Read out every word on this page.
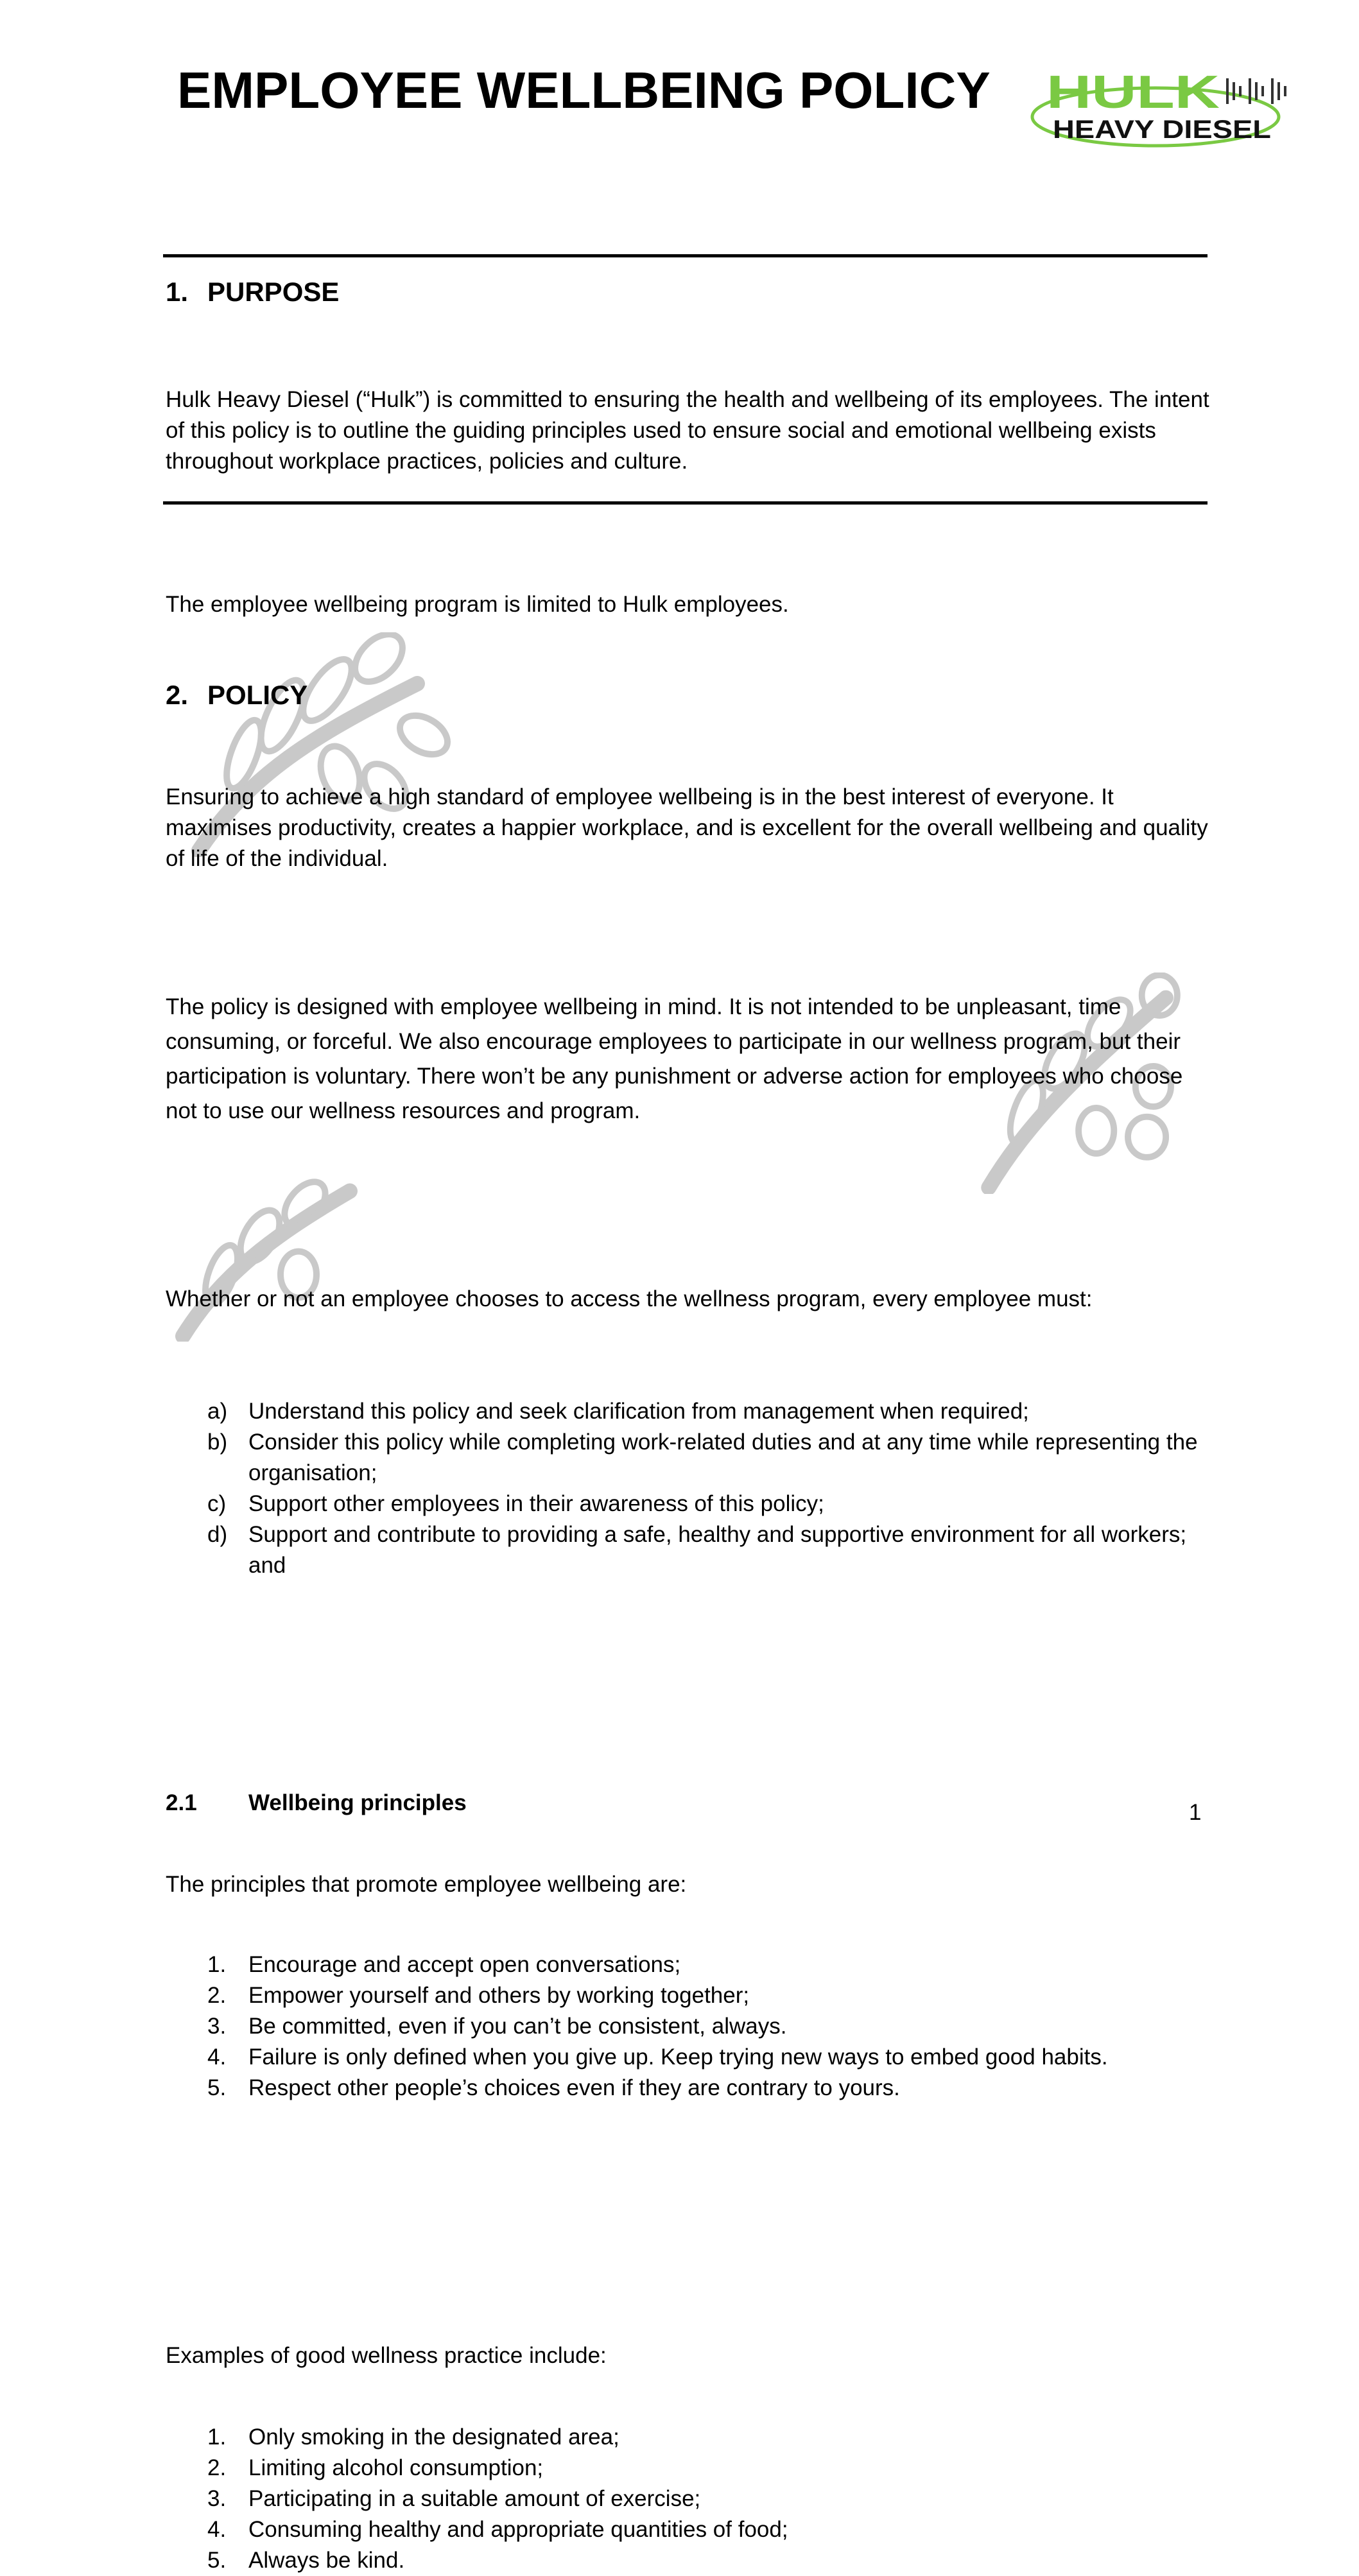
EMPLOYEE WELLBEING POLICY	HULK
HEAVY DIESEL
1. PURPOSE
Hulk Heavy Diesel (“Hulk”) is committed to ensuring the health and wellbeing of its employees. The intent of this policy is to outline the guiding principles used to ensure social and emotional wellbeing exists throughout workplace practices, policies and culture.
The employee wellbeing program is limited to Hulk employees.
2. POLICY
Ensuring to achieve a high standard of employee wellbeing is in the best interest of everyone. It maximises productivity, creates a happier workplace, and is excellent for the overall wellbeing and quality of life of the individual.
The policy is designed with employee wellbeing in mind. It is not intended to be unpleasant, time consuming, or forceful. We also encourage employees to participate in our wellness program, but their participation is voluntary. There won’t be any punishment or adverse action for employees who choose not to use our wellness resources and program.
Whether or not an employee chooses to access the wellness program, every employee must:
a) Understand this policy and seek clarification from management when required;
b) Consider this policy while completing work-related duties and at any time while representing the organisation;
c) Support other employees in their awareness of this policy;
d) Support and contribute to providing a safe, healthy and supportive environment for all workers; and
2.1 Wellbeing principles
The principles that promote employee wellbeing are:
1. Encourage and accept open conversations;
2. Empower yourself and others by working together;
3. Be committed, even if you can’t be consistent, always.
4. Failure is only defined when you give up. Keep trying new ways to embed good habits.
5. Respect other people’s choices even if they are contrary to yours.
Examples of good wellness practice include:
1. Only smoking in the designated area;
2. Limiting alcohol consumption;
3. Participating in a suitable amount of exercise;
4. Consuming healthy and appropriate quantities of food;
5. Always be kind.
1
